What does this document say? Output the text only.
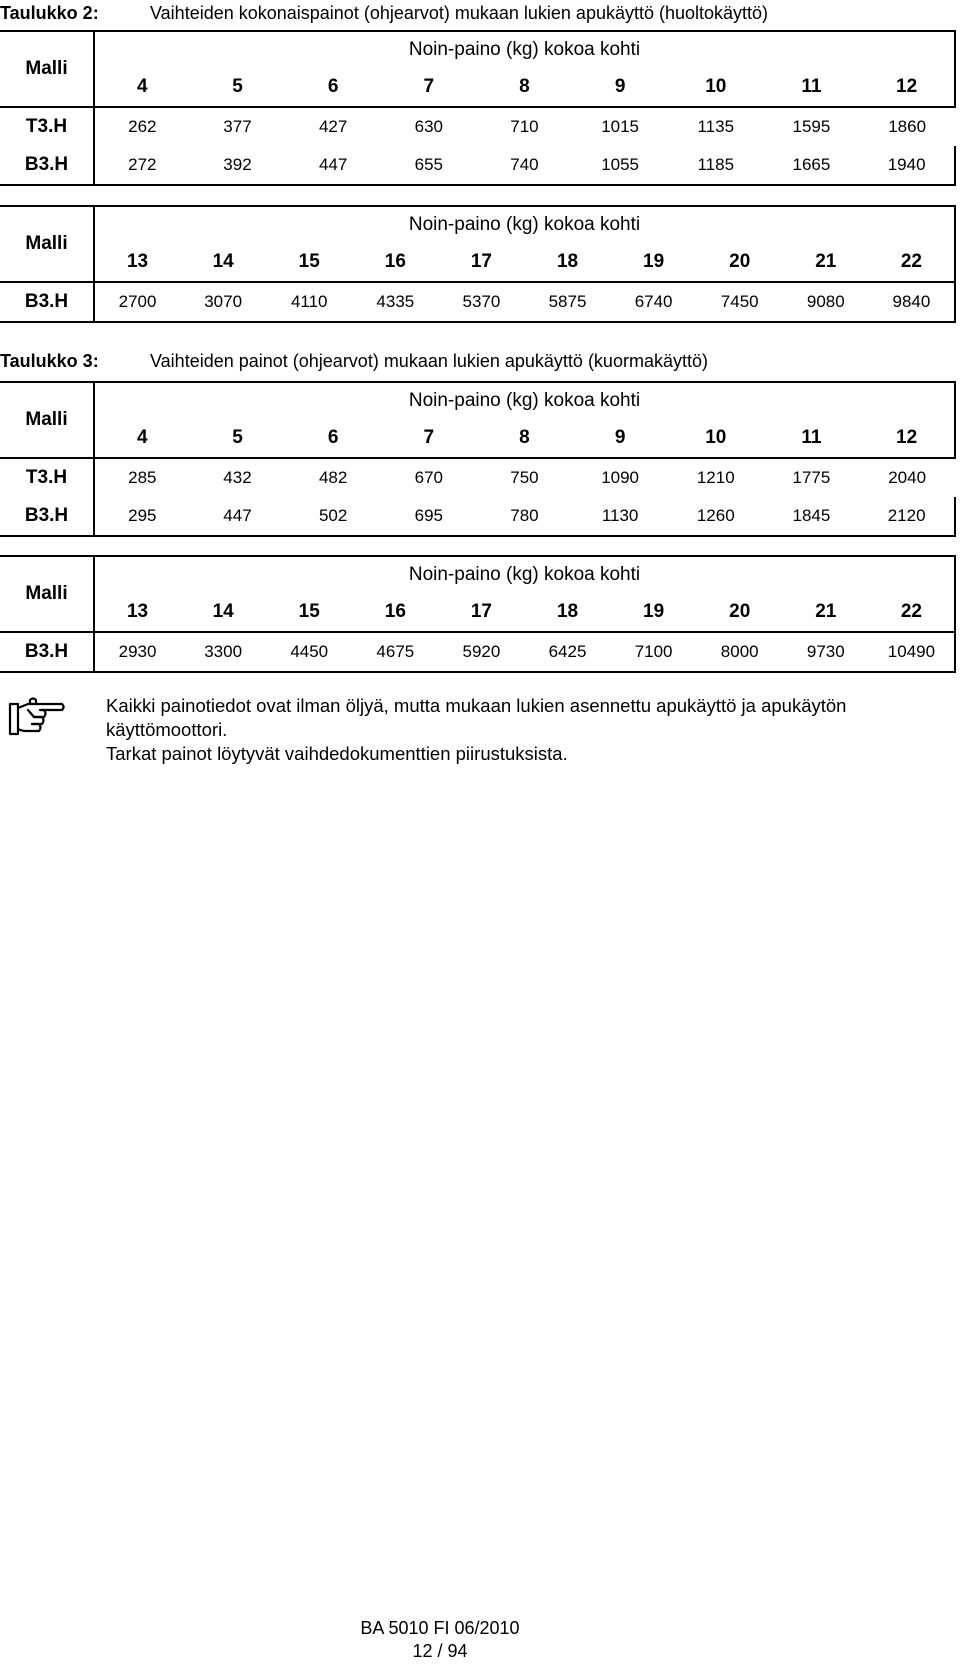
Taulukko 2:	Vaihteiden kokonaispainot (ohjearvot) mukaan lukien apukäyttö (huoltokäyttö)
Malli	Noin-paino (kg) kokoa kohti								
	4	5	6	7	8	9	10	11	12
T3.H	262	377	427	630	710	1015	1135	1595	1860
B3.H	272	392	447	655	740	1055	1185	1665	1940
Malli	Noin-paino (kg) kokoa kohti									
	13	14	15	16	17	18	19	20	21	22
B3.H	2700	3070	4110	4335	5370	5875	6740	7450	9080	9840
Taulukko 3:	Vaihteiden painot (ohjearvot) mukaan lukien apukäyttö (kuormakäyttö)
Malli	Noin-paino (kg) kokoa kohti								
	4	5	6	7	8	9	10	11	12
T3.H	285	432	482	670	750	1090	1210	1775	2040
B3.H	295	447	502	695	780	1130	1260	1845	2120
Malli	Noin-paino (kg) kokoa kohti									
	13	14	15	16	17	18	19	20	21	22
B3.H	2930	3300	4450	4675	5920	6425	7100	8000	9730	10490
Kaikki painotiedot ovat ilman öljyä, mutta mukaan lukien asennettu apukäyttö ja apukäytön käyttömoottori.
Tarkat painot löytyvät vaihdedokumenttien piirustuksista.
BA 5010 FI 06/2010
12 / 94
